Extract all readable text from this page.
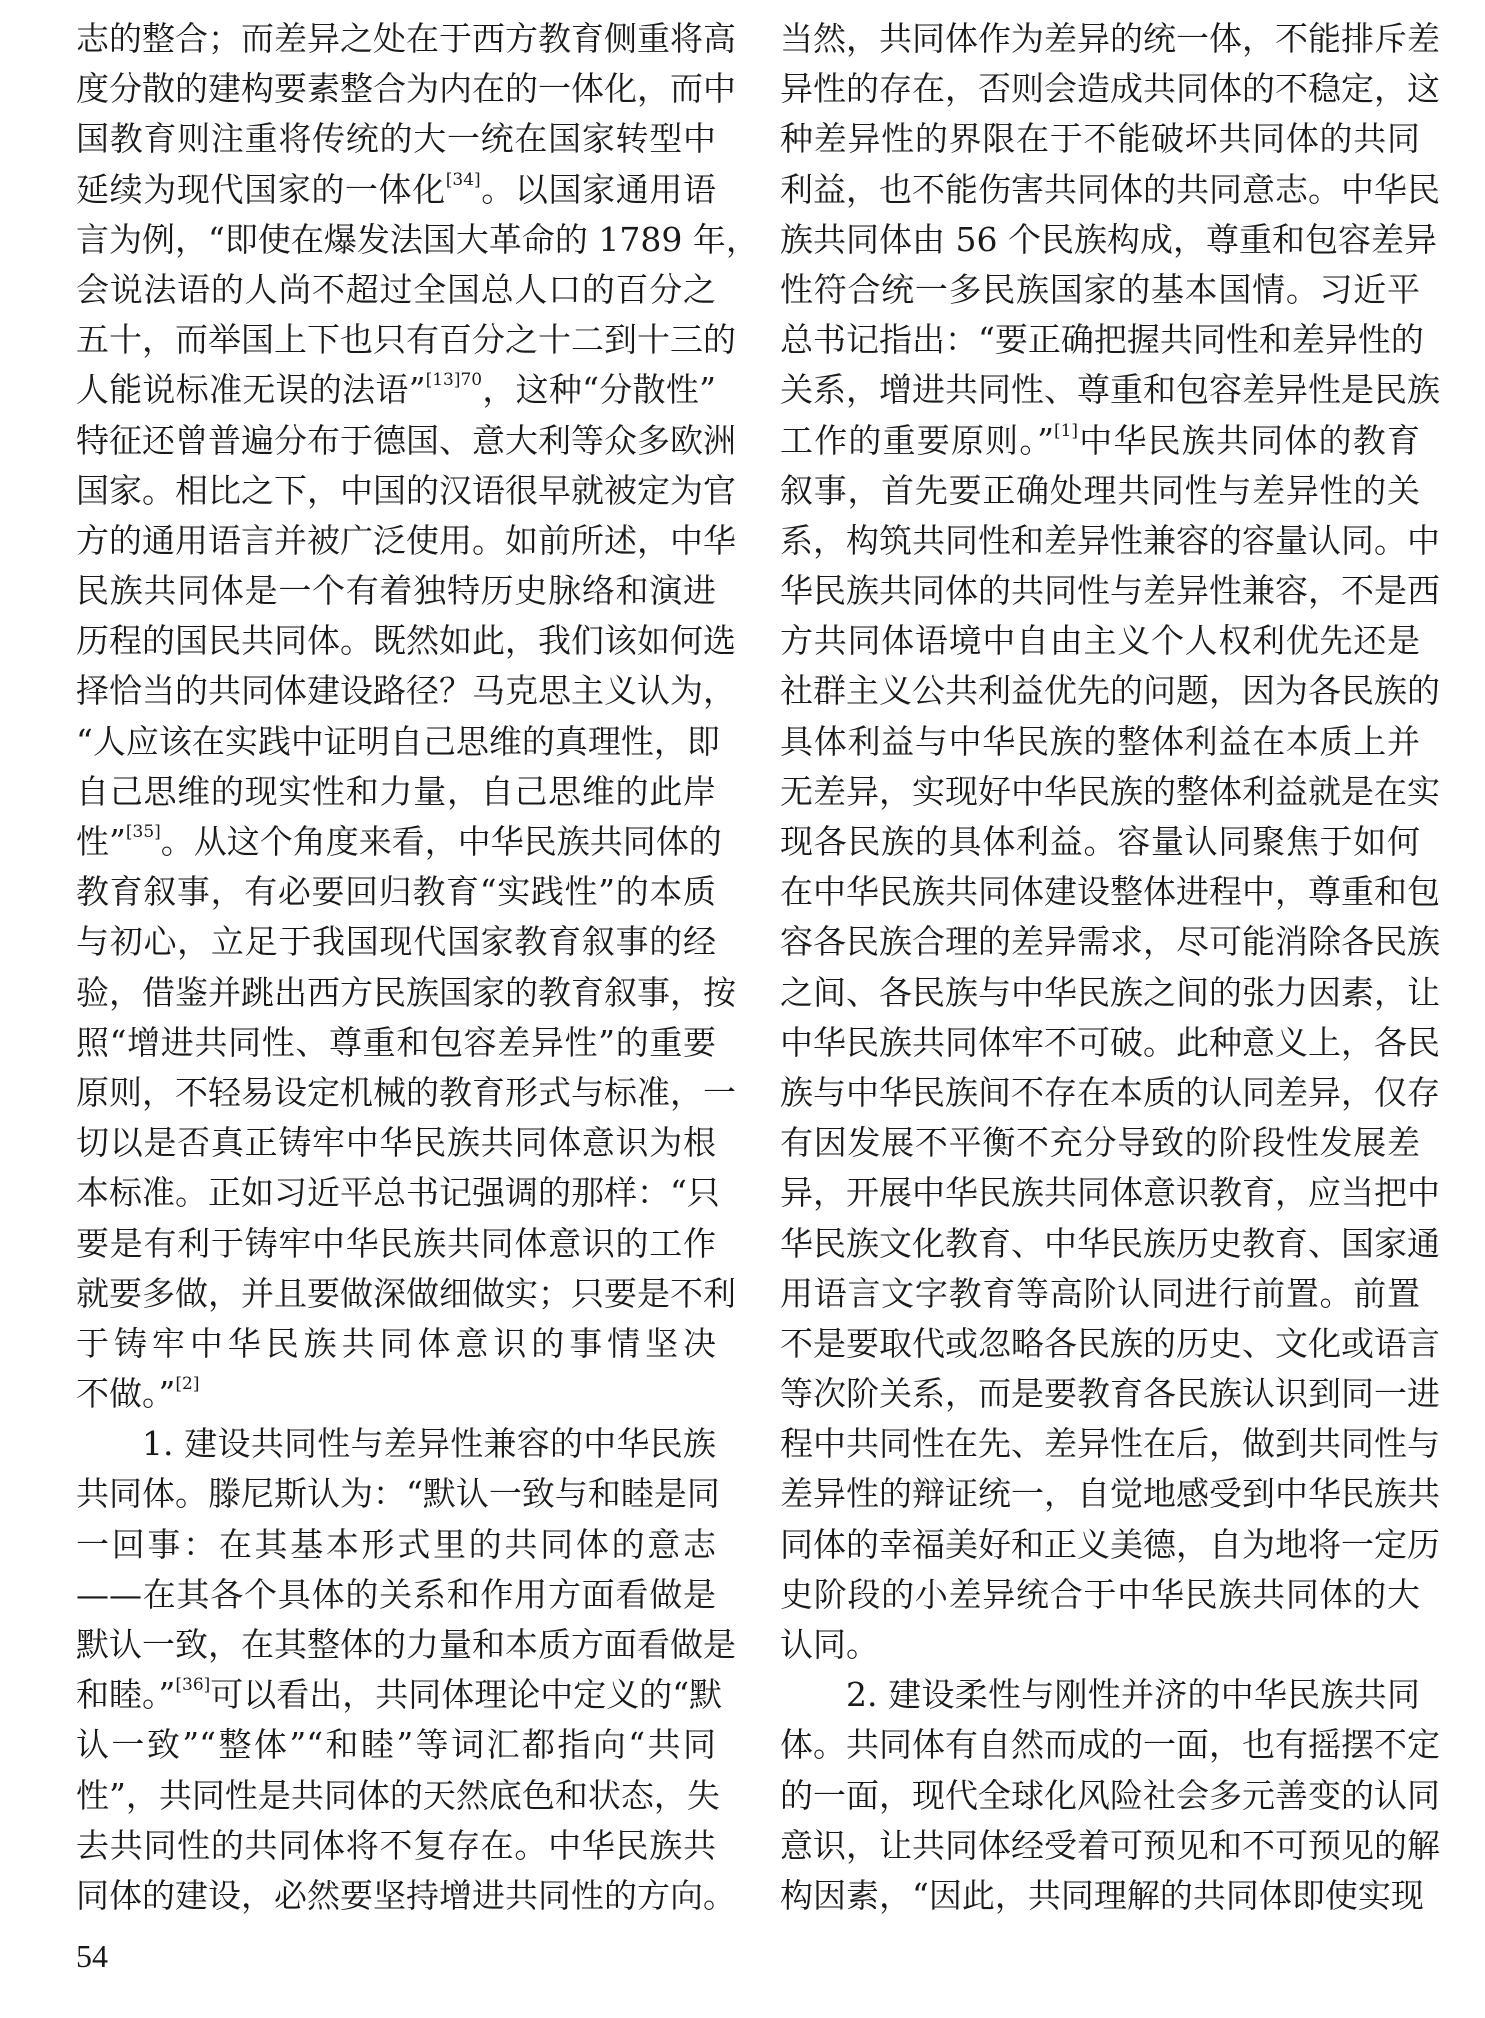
志的整合；而差异之处在于西方教育侧重将高
度分散的建构要素整合为内在的一体化，而中
国教育则注重将传统的大一统在国家转型中
延续为现代国家的一体化[34]。以国家通用语
言为例，“即使在爆发法国大革命的 1789 年，
会说法语的人尚不超过全国总人口的百分之
五十，而举国上下也只有百分之十二到十三的
人能说标准无误的法语”$^{[13]70}$，这种“分散性”
特征还曾普遍分布于德国、意大利等众多欧洲
国家。相比之下，中国的汉语很早就被定为官
方的通用语言并被广泛使用。如前所述，中华
民族共同体是一个有着独特历史脉络和演进
历程的国民共同体。既然如此，我们该如何选
择恰当的共同体建设路径？马克思主义认为，
“人应该在实践中证明自己思维的真理性，即
自己思维的现实性和力量，自己思维的此岸
性”[35]。从这个角度来看，中华民族共同体的
教育叙事，有必要回归教育“实践性”的本质
与初心，立足于我国现代国家教育叙事的经
验，借鉴并跳出西方民族国家的教育叙事，按
照“增进共同性、尊重和包容差异性”的重要
原则，不轻易设定机械的教育形式与标准，一
切以是否真正铸牢中华民族共同体意识为根
本标准。正如习近平总书记强调的那样：“只
要是有利于铸牢中华民族共同体意识的工作
就要多做，并且要做深做细做实；只要是不利
于铸牢中华民族共同体意识的事情坚决
不做。”[2]
1. 建设共同性与差异性兼容的中华民族
共同体。滕尼斯认为：“默认一致与和睦是同
一回事：在其基本形式里的共同体的意志
——在其各个具体的关系和作用方面看做是
默认一致，在其整体的力量和本质方面看做是
和睦。”[36]可以看出，共同体理论中定义的“默
认一致”“整体”“和睦”等词汇都指向“共同
性”，共同性是共同体的天然底色和状态，失
去共同性的共同体将不复存在。中华民族共
同体的建设，必然要坚持增进共同性的方向。
当然，共同体作为差异的统一体，不能排斥差
异性的存在，否则会造成共同体的不稳定，这
种差异性的界限在于不能破坏共同体的共同
利益，也不能伤害共同体的共同意志。中华民
族共同体由 56 个民族构成，尊重和包容差异
性符合统一多民族国家的基本国情。习近平
总书记指出：“要正确把握共同性和差异性的
关系，增进共同性、尊重和包容差异性是民族
工作的重要原则。”[1]中华民族共同体的教育
叙事，首先要正确处理共同性与差异性的关
系，构筑共同性和差异性兼容的容量认同。中
华民族共同体的共同性与差异性兼容，不是西
方共同体语境中自由主义个人权利优先还是
社群主义公共利益优先的问题，因为各民族的
具体利益与中华民族的整体利益在本质上并
无差异，实现好中华民族的整体利益就是在实
现各民族的具体利益。容量认同聚焦于如何
在中华民族共同体建设整体进程中，尊重和包
容各民族合理的差异需求，尽可能消除各民族
之间、各民族与中华民族之间的张力因素，让
中华民族共同体牢不可破。此种意义上，各民
族与中华民族间不存在本质的认同差异，仅存
有因发展不平衡不充分导致的阶段性发展差
异，开展中华民族共同体意识教育，应当把中
华民族文化教育、中华民族历史教育、国家通
用语言文字教育等高阶认同进行前置。前置
不是要取代或忽略各民族的历史、文化或语言
等次阶关系，而是要教育各民族认识到同一进
程中共同性在先、差异性在后，做到共同性与
差异性的辩证统一，自觉地感受到中华民族共
同体的幸福美好和正义美德，自为地将一定历
史阶段的小差异统合于中华民族共同体的大
认同。
2. 建设柔性与刚性并济的中华民族共同
体。共同体有自然而成的一面，也有摇摆不定
的一面，现代全球化风险社会多元善变的认同
意识，让共同体经受着可预见和不可预见的解
构因素，“因此，共同理解的共同体即使实现
54
